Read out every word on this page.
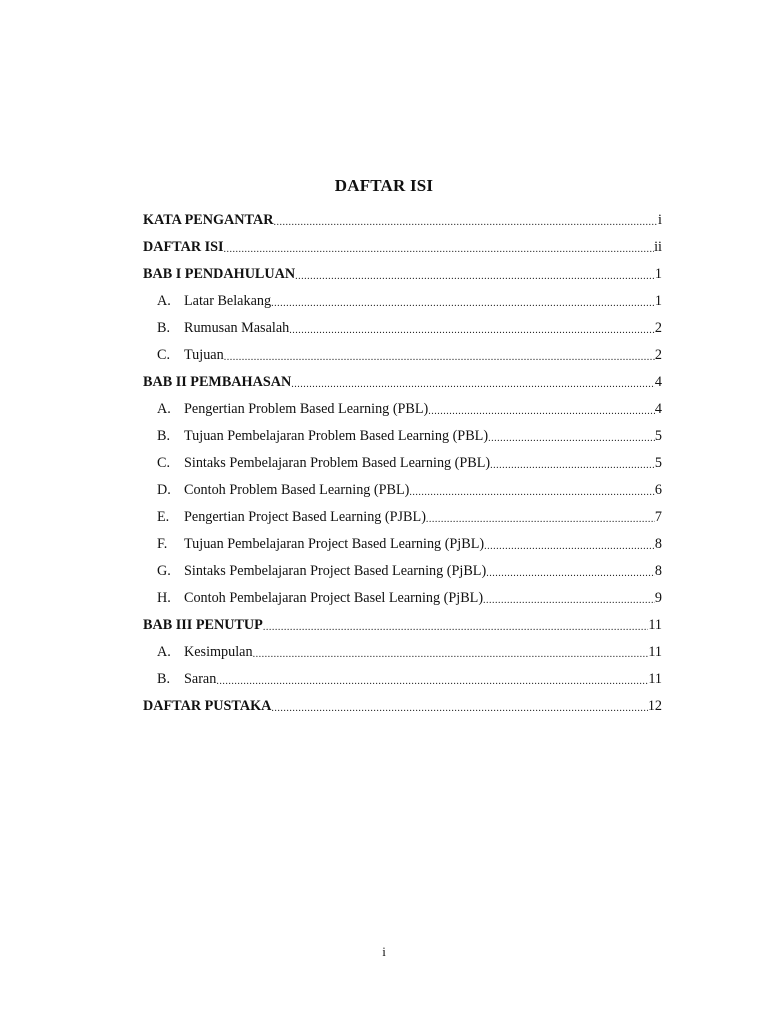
DAFTAR ISI
KATA PENGANTAR .....	i
DAFTAR ISI .....	ii
BAB I PENDAHULUAN .....	1
A. Latar Belakang .....	1
B. Rumusan Masalah .....	2
C. Tujuan .....	2
BAB II PEMBAHASAN .....	4
A. Pengertian Problem Based Learning (PBL) .....	4
B. Tujuan Pembelajaran Problem Based Learning (PBL) .....	5
C. Sintaks Pembelajaran Problem Based Learning (PBL) .....	5
D. Contoh Problem Based Learning (PBL) .....	6
E. Pengertian Project Based Learning (PJBL) .....	7
F. Tujuan Pembelajaran Project Based Learning (PjBL) .....	8
G. Sintaks Pembelajaran Project Based Learning (PjBL) .....	8
H. Contoh Pembelajaran Project Basel Learning (PjBL) .....	9
BAB III PENUTUP .....	11
A. Kesimpulan .....	11
B. Saran .....	11
DAFTAR PUSTAKA .....	12
i
